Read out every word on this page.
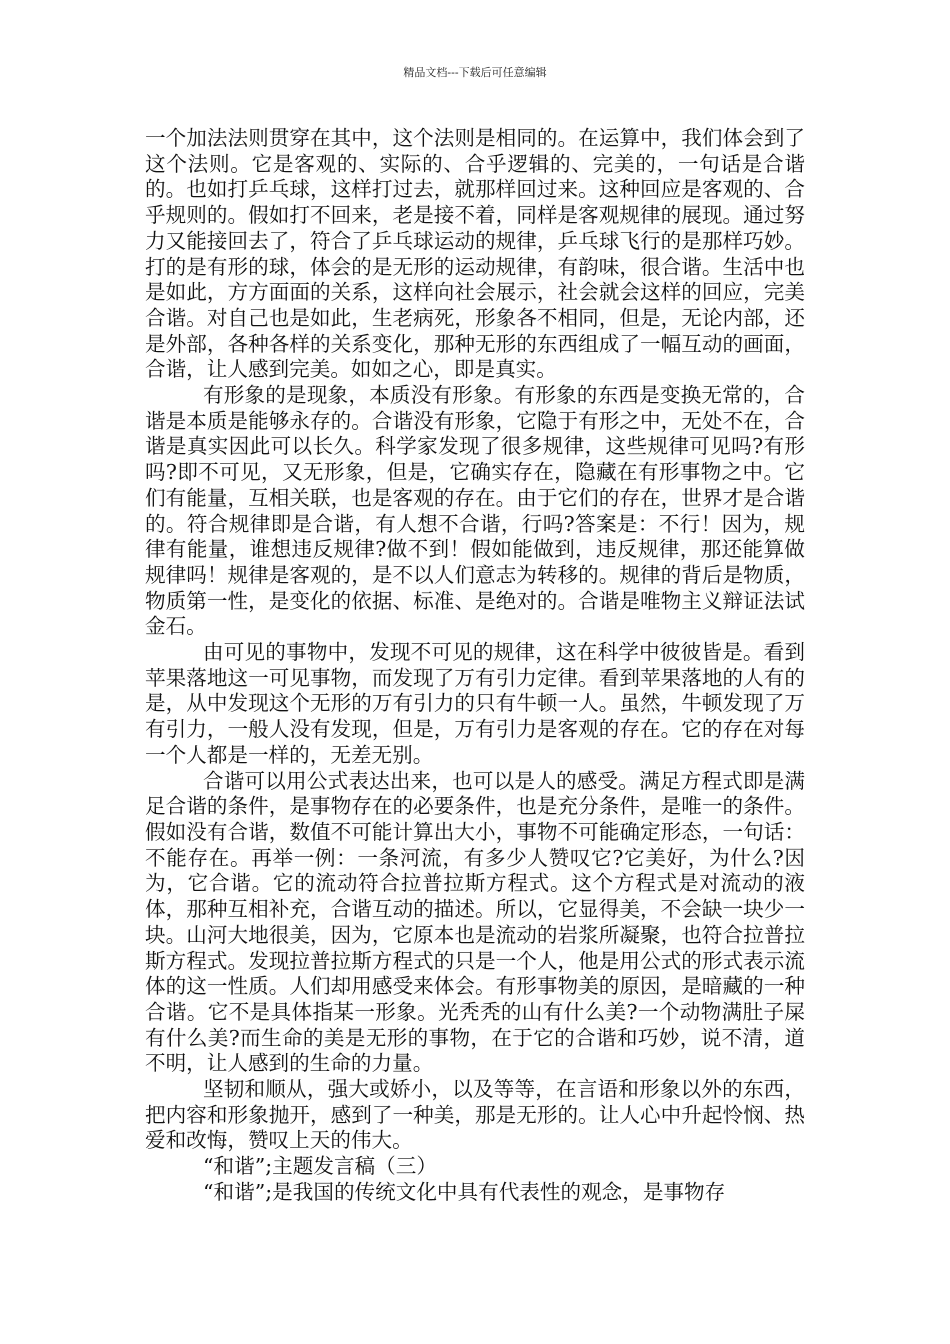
精品文档---下载后可任意编辑

一个加法法则贯穿在其中，这个法则是相同的。在运算中，我们体会到了这个法则。它是客观的、实际的、合乎逻辑的、完美的，一句话是合谐的。也如打乒乓球，这样打过去，就那样回过来。这种回应是客观的、合乎规则的。假如打不回来，老是接不着，同样是客观规律的展现。通过努力又能接回去了，符合了乒乓球运动的规律，乒乓球飞行的是那样巧妙。打的是有形的球，体会的是无形的运动规律，有韵味，很合谐。生活中也是如此，方方面面的关系，这样向社会展示，社会就会这样的回应，完美合谐。对自己也是如此，生老病死，形象各不相同，但是，无论内部，还是外部，各种各样的关系变化，那种无形的东西组成了一幅互动的画面，合谐，让人感到完美。如如之心，即是真实。

有形象的是现象，本质没有形象。有形象的东西是变换无常的，合谐是本质是能够永存的。合谐没有形象，它隐于有形之中，无处不在，合谐是真实因此可以长久。科学家发现了很多规律，这些规律可见吗?有形吗?即不可见，又无形象，但是，它确实存在，隐藏在有形事物之中。它们有能量，互相关联，也是客观的存在。由于它们的存在，世界才是合谐的。符合规律即是合谐，有人想不合谐，行吗?答案是：不行！因为，规律有能量，谁想违反规律?做不到！假如能做到，违反规律，那还能算做规律吗！规律是客观的，是不以人们意志为转移的。规律的背后是物质，物质第一性，是变化的依据、标准、是绝对的。合谐是唯物主义辩证法试金石。

由可见的事物中，发现不可见的规律，这在科学中彼彼皆是。看到苹果落地这一可见事物，而发现了万有引力定律。看到苹果落地的人有的是，从中发现这个无形的万有引力的只有牛顿一人。虽然，牛顿发现了万有引力，一般人没有发现，但是，万有引力是客观的存在。它的存在对每一个人都是一样的，无差无别。

合谐可以用公式表达出来，也可以是人的感受。满足方程式即是满足合谐的条件，是事物存在的必要条件，也是充分条件，是唯一的条件。假如没有合谐，数值不可能计算出大小，事物不可能确定形态，一句话：不能存在。再举一例：一条河流，有多少人赞叹它?它美好，为什么?因为，它合谐。它的流动符合拉普拉斯方程式。这个方程式是对流动的液体，那种互相补充，合谐互动的描述。所以，它显得美，不会缺一块少一块。山河大地很美，因为，它原本也是流动的岩浆所凝聚，也符合拉普拉斯方程式。发现拉普拉斯方程式的只是一个人，他是用公式的形式表示流体的这一性质。人们却用感受来体会。有形事物美的原因，是暗藏的一种合谐。它不是具体指某一形象。光秃秃的山有什么美?一个动物满肚子屎有什么美?而生命的美是无形的事物，在于它的合谐和巧妙，说不清，道不明，让人感到的生命的力量。

坚韧和顺从，强大或娇小，以及等等，在言语和形象以外的东西，把内容和形象抛开，感到了一种美，那是无形的。让人心中升起怜悯、热爱和改悔，赞叹上天的伟大。

“和谐”;主题发言稿（三）

“和谐”;是我国的传统文化中具有代表性的观念，是事物存
